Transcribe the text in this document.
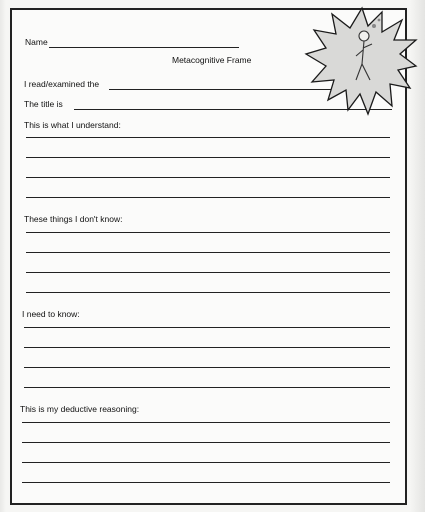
Name
Metacognitive Frame
I read/examined the
The title is
This is what I understand:
These things I don't know:
I need to know:
This is my deductive reasoning:
